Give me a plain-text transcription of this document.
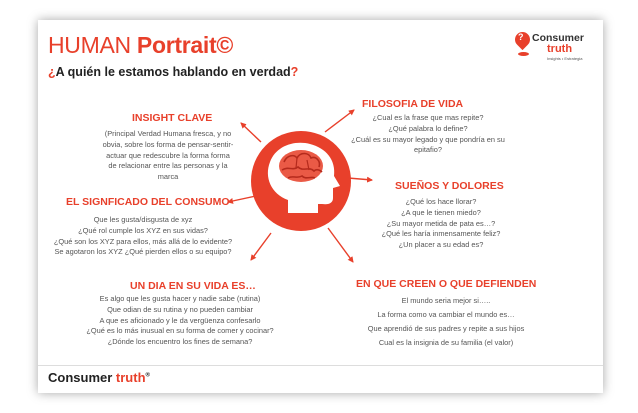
HUMAN Portrait©
¿A quién le estamos hablando en verdad?
? Consumer
truth
Insights • Estrategia
INSIGHT CLAVE
(Principal Verdad Humana fresca, y no
obvia, sobre los forma de pensar-sentir-
actuar que redescubre la forma forma
de relacionar entre las personas y la
marca
EL SIGNFICADO DEL CONSUMO
Que les gusta/disgusta de xyz
¿Qué rol cumple los XYZ en sus vidas?
¿Qué son los XYZ para ellos, más allá de lo evidente?
Se agotaron los XYZ ¿Qué pierden ellos o su equipo?
UN DIA EN SU VIDA ES…
Es algo que les gusta hacer y nadie sabe (rutina)
Que odian de su rutina y no pueden cambiar
A que es aficionado y le da vergüenza confesarlo
¿Qué es lo más inusual en su forma de comer y cocinar?
¿Dónde los encuentro los fines de semana?
FILOSOFIA DE VIDA
¿Cual es la frase que mas repite?
¿Qué palabra lo define?
¿Cuál es su mayor legado y que pondría en su
epitafio?
SUEÑOS Y DOLORES
¿Qué los hace llorar?
¿A que le tienen miedo?
¿Su mayor metida de pata es…?
¿Qué les haría inmensamente feliz?
¿Un placer a su edad es?
EN QUE CREEN O QUE DEFIENDEN
El mundo seria mejor si…..
La forma como va cambiar el mundo es…
Que aprendió de sus padres y repite a sus hijos
Cual es la insignia de su familia (el valor)
Consumer truth®
